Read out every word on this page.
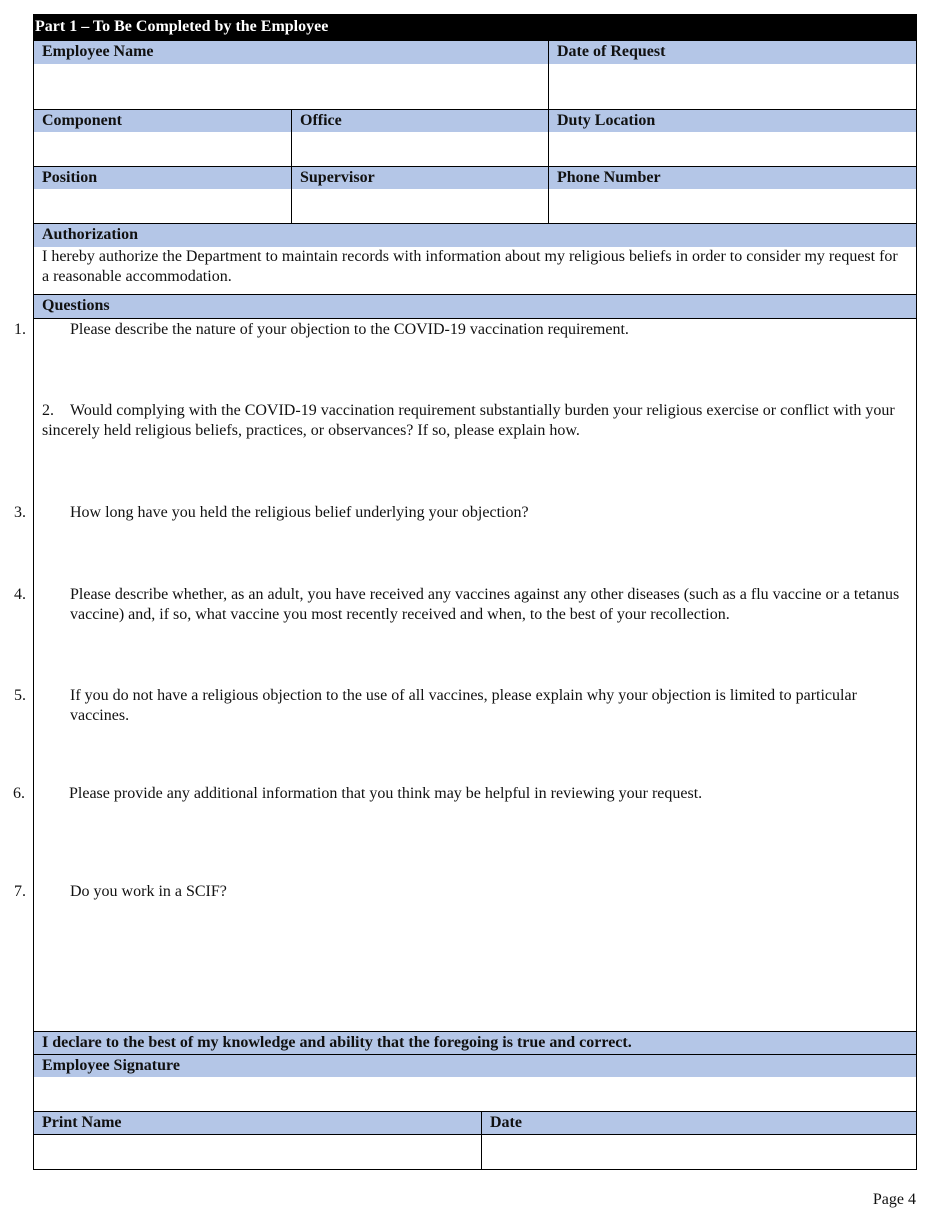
Part 1 – To Be Completed by the Employee
Employee Name	Date of Request
Component	Office	Duty Location
Position	Supervisor	Phone Number
Authorization
I hereby authorize the Department to maintain records with information about my religious beliefs in order to consider my request for a reasonable accommodation.
Questions
1.	Please describe the nature of your objection to the COVID-19 vaccination requirement.
2. Would complying with the COVID-19 vaccination requirement substantially burden your religious exercise or conflict with your sincerely held religious beliefs, practices, or observances? If so, please explain how.
3.	How long have you held the religious belief underlying your objection?
4.	Please describe whether, as an adult, you have received any vaccines against any other diseases (such as a flu vaccine or a tetanus vaccine) and, if so, what vaccine you most recently received and when, to the best of your recollection.
5.	If you do not have a religious objection to the use of all vaccines, please explain why your objection is limited to particular vaccines.
6.	Please provide any additional information that you think may be helpful in reviewing your request.
7.	Do you work in a SCIF?
I declare to the best of my knowledge and ability that the foregoing is true and correct.
Employee Signature
Print Name	Date
Page 4
